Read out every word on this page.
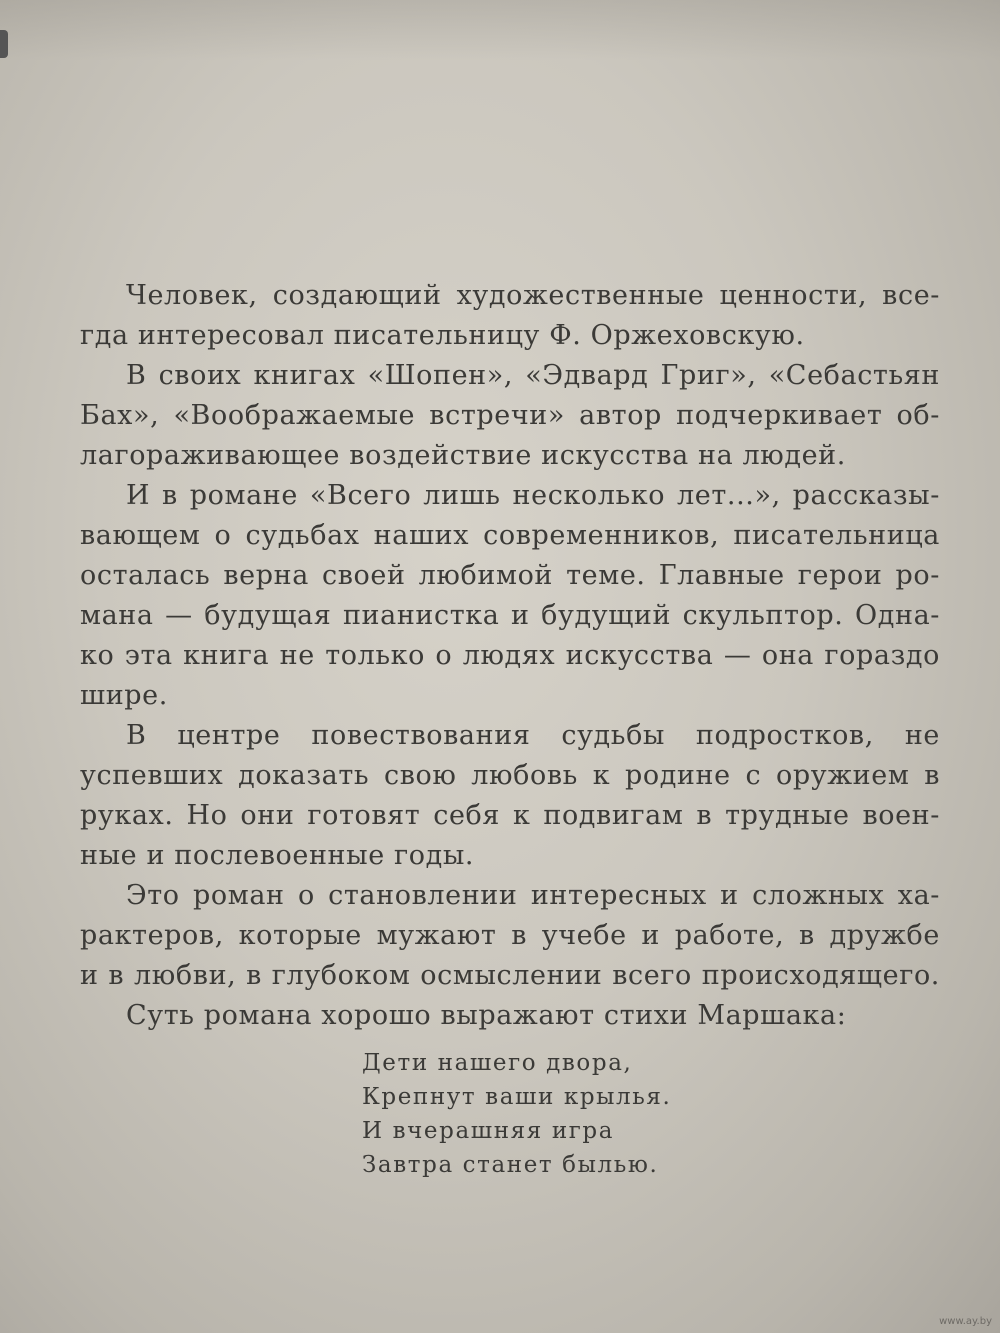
Человек, создающий художественные ценности, все-
гда интересовал писательницу Ф. Оржеховскую.
В своих книгах «Шопен», «Эдвард Григ», «Себастьян
Бах», «Воображаемые встречи» автор подчеркивает об-
лагораживающее воздействие искусства на людей.
И в романе «Всего лишь несколько лет...», рассказы-
вающем о судьбах наших современников, писательница
осталась верна своей любимой теме. Главные герои ро-
мана — будущая пианистка и будущий скульптор. Одна-
ко эта книга не только о людях искусства — она гораздо
шире.
В центре повествования судьбы подростков, не
успевших доказать свою любовь к родине с оружием в
руках. Но они готовят себя к подвигам в трудные воен-
ные и послевоенные годы.
Это роман о становлении интересных и сложных ха-
рактеров, которые мужают в учебе и работе, в дружбе
и в любви, в глубоком осмыслении всего происходящего.
Суть романа хорошо выражают стихи Маршака:
Дети нашего двора,
Крепнут ваши крылья.
И вчерашняя игра
Завтра станет былью.
www.ay.by
